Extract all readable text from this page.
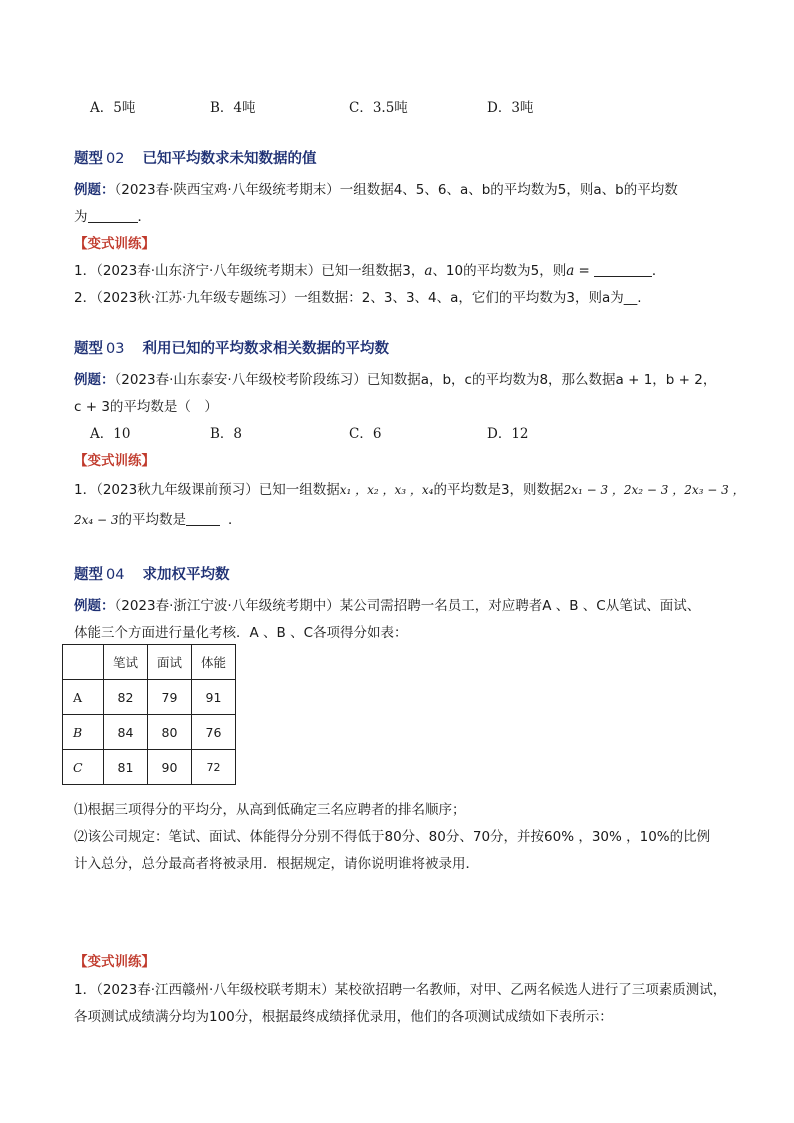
A．5吨	B．4吨	C．3.5吨	D．3吨
题型 02 已知平均数求未知数据的值
例题：（2023春·陕西宝鸡·八年级统考期末）一组数据4、5、6、a、b的平均数为5，则a、b的平均数
为	．
【变式训练】
1．（2023春·山东济宁·八年级统考期末）已知一组数据3，a、10的平均数为5，则a =	．
2．（2023秋·江苏·九年级专题练习）一组数据：2、3、3、4、a，它们的平均数为3，则a为__.
题型 03 利用已知的平均数求相关数据的平均数
例题：（2023春·山东泰安·八年级校考阶段练习）已知数据a，b，c的平均数为8，那么数据a + 1，b + 2，
c + 3的平均数是（　）
A．10	B．8	C．6	D．12
【变式训练】
1．（2023秋九年级课前预习）已知一组数据x₁ ，x₂ ，x₃ ，x₄的平均数是3，则数据2x₁ − 3 ，2x₂ − 3 ，2x₃ − 3 ，
2x₄ − 3的平均数是	．
题型 04 求加权平均数
例题：（2023春·浙江宁波·八年级统考期中）某公司需招聘一名员工，对应聘者A 、B 、C从笔试、面试、
体能三个方面进行量化考核．A 、B 、C各项得分如表：
	笔试	面试	体能
A	82	79	91
B	84	80	76
C	81	90	72
⑴根据三项得分的平均分，从高到低确定三名应聘者的排名顺序；
⑵该公司规定：笔试、面试、体能得分分别不得低于80分、80分、70分，并按60% ，30% ，10%的比例
计入总分，总分最高者将被录用．根据规定，请你说明谁将被录用．
【变式训练】
1．（2023春·江西赣州·八年级校联考期末）某校欲招聘一名教师，对甲、乙两名候选人进行了三项素质测试，
各项测试成绩满分均为100分，根据最终成绩择优录用，他们的各项测试成绩如下表所示：
